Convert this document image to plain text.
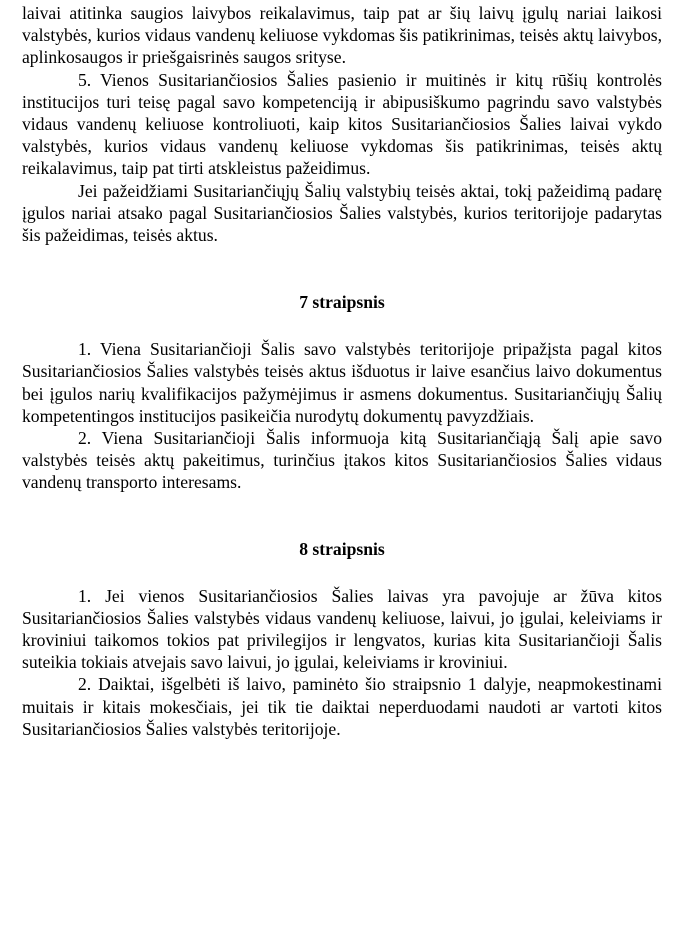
laivai atitinka saugios laivybos reikalavimus, taip pat ar šių laivų įgulų nariai laikosi valstybės, kurios vidaus vandenų keliuose vykdomas šis patikrinimas, teisės aktų laivybos, aplinkosaugos ir priešgaisrinės saugos srityse.

5. Vienos Susitariančiosios Šalies pasienio ir muitinės ir kitų rūšių kontrolės institucijos turi teisę pagal savo kompetenciją ir abipusiškumo pagrindu savo valstybės vidaus vandenų keliuose kontroliuoti, kaip kitos Susitariančiosios Šalies laivai vykdo valstybės, kurios vidaus vandenų keliuose vykdomas šis patikrinimas, teisės aktų reikalavimus, taip pat tirti atskleistus pažeidimus.

Jei pažeidžiami Susitariančiųjų Šalių valstybių teisės aktai, tokį pažeidimą padarę įgulos nariai atsako pagal Susitariančiosios Šalies valstybės, kurios teritorijoje padarytas šis pažeidimas, teisės aktus.

7 straipsnis

1. Viena Susitariančioji Šalis savo valstybės teritorijoje pripažįsta pagal kitos Susitariančiosios Šalies valstybės teisės aktus išduotus ir laive esančius laivo dokumentus bei įgulos narių kvalifikacijos pažymėjimus ir asmens dokumentus. Susitariančiųjų Šalių kompetentingos institucijos pasikeičia nurodytų dokumentų pavyzdžiais.

2. Viena Susitariančioji Šalis informuoja kitą Susitariančiąją Šalį apie savo valstybės teisės aktų pakeitimus, turinčius įtakos kitos Susitariančiosios Šalies vidaus vandenų transporto interesams.

8 straipsnis

1. Jei vienos Susitariančiosios Šalies laivas yra pavojuje ar žūva kitos Susitariančiosios Šalies valstybės vidaus vandenų keliuose, laivui, jo įgulai, keleiviams ir kroviniui taikomos tokios pat privilegijos ir lengvatos, kurias kita Susitariančioji Šalis suteikia tokiais atvejais savo laivui, jo įgulai, keleiviams ir kroviniui.

2. Daiktai, išgelbėti iš laivo, paminėto šio straipsnio 1 dalyje, neapmokestinami muitais ir kitais mokesčiais, jei tik tie daiktai neperduodami naudoti ar vartoti kitos Susitariančiosios Šalies valstybės teritorijoje.
